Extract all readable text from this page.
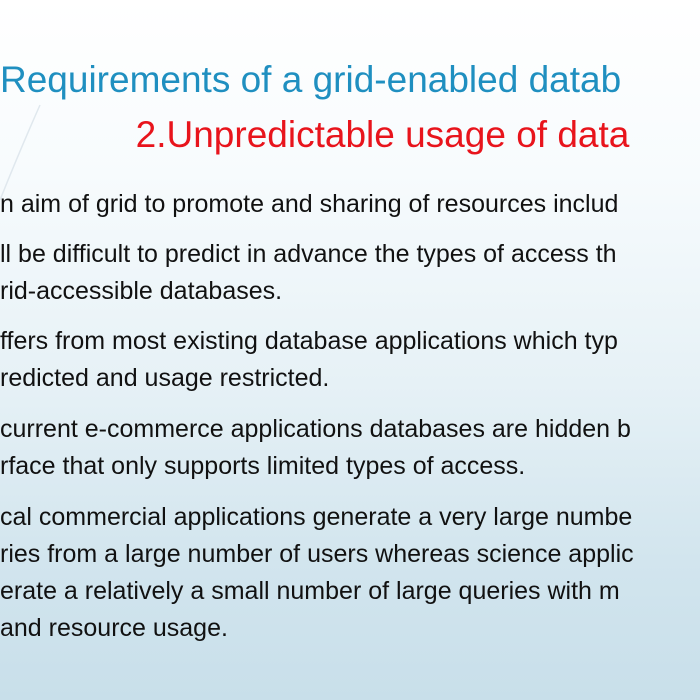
Requirements of a grid-enabled datab
2.Unpredictable usage of data
n aim of grid to promote and sharing of resources includ
ll be difficult to predict in advance the types of access th
rid-accessible databases.
ffers from most existing database applications which typ
redicted and usage restricted.
current e-commerce applications databases are hidden b
rface that only supports limited types of access.
cal commercial applications generate a very large numbe
ries from a large number of users whereas science applic
erate a relatively a small number of large queries with m
and resource usage.
